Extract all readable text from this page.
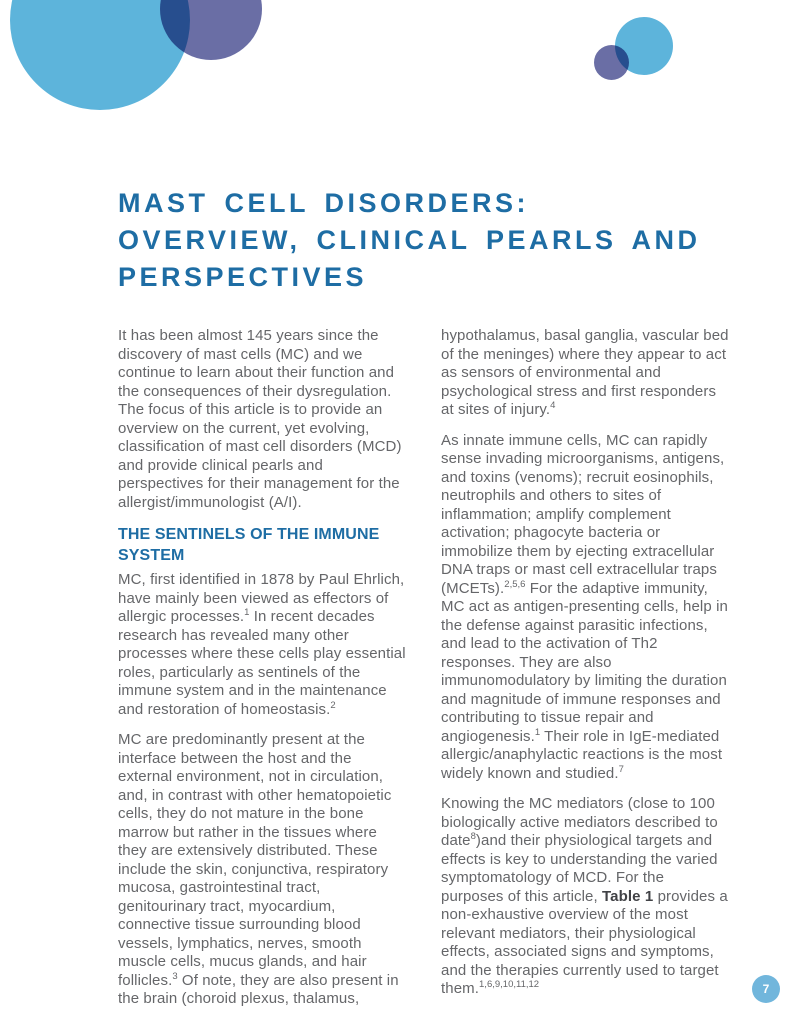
MAST CELL DISORDERS:
OVERVIEW, CLINICAL PEARLS AND
PERSPECTIVES

It has been almost 145 years since the discovery of mast cells (MC) and we continue to learn about their function and the consequences of their dysregulation. The focus of this article is to provide an overview on the current, yet evolving, classification of mast cell disorders (MCD) and provide clinical pearls and perspectives for their management for the allergist/immunologist (A/I).

THE SENTINELS OF THE IMMUNE SYSTEM

MC, first identified in 1878 by Paul Ehrlich, have mainly been viewed as effectors of allergic processes.$^1$ In recent decades research has revealed many other processes where these cells play essential roles, particularly as sentinels of the immune system and in the maintenance and restoration of homeostasis.$^2$

MC are predominantly present at the interface between the host and the external environment, not in circulation, and, in contrast with other hematopoietic cells, they do not mature in the bone marrow but rather in the tissues where they are extensively distributed. These include the skin, conjunctiva, respiratory mucosa, gastrointestinal tract, genitourinary tract, myocardium, connective tissue surrounding blood vessels, lymphatics, nerves, smooth muscle cells, mucus glands, and hair follicles.$^3$ Of note, they are also present in the brain (choroid plexus, thalamus,

hypothalamus, basal ganglia, vascular bed of the meninges) where they appear to act as sensors of environmental and psychological stress and first responders at sites of injury.$^4$

As innate immune cells, MC can rapidly sense invading microorganisms, antigens, and toxins (venoms); recruit eosinophils, neutrophils and others to sites of inflammation; amplify complement activation; phagocyte bacteria or immobilize them by ejecting extracellular DNA traps or mast cell extracellular traps (MCETs).$^{2,5,6}$ For the adaptive immunity, MC act as antigen-presenting cells, help in the defense against parasitic infections, and lead to the activation of Th2 responses. They are also immunomodulatory by limiting the duration and magnitude of immune responses and contributing to tissue repair and angiogenesis.$^1$ Their role in IgE-mediated allergic/anaphylactic reactions is the most widely known and studied.$^7$

Knowing the MC mediators (close to 100 biologically active mediators described to date$^8$)and their physiological targets and effects is key to understanding the varied symptomatology of MCD. For the purposes of this article, Table 1 provides a non-exhaustive overview of the most relevant mediators, their physiological effects, associated signs and symptoms, and the therapies currently used to target them.$^{1,6,9,10,11,12}$	7
